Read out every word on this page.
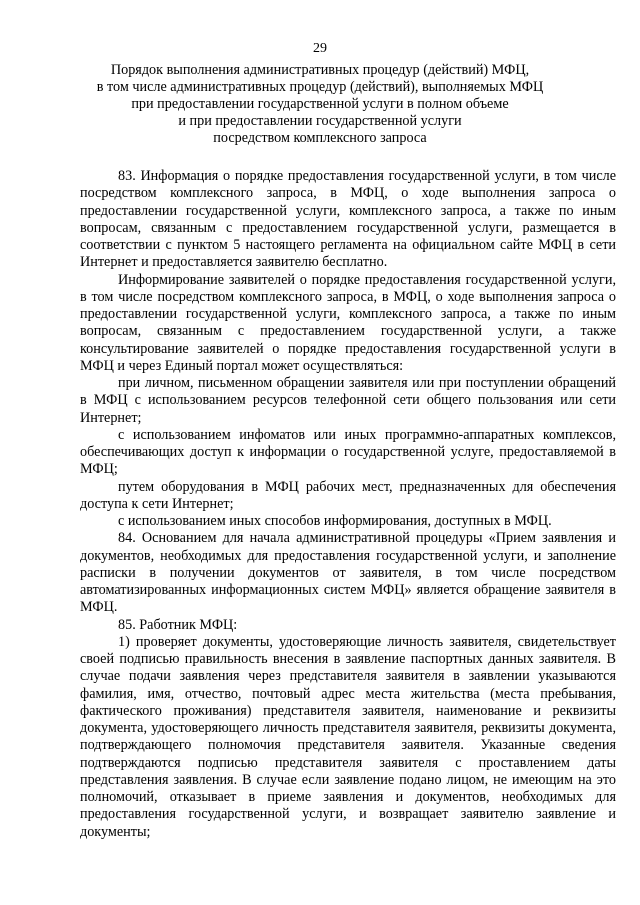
29
Порядок выполнения административных процедур (действий) МФЦ,
в том числе административных процедур (действий), выполняемых МФЦ
при предоставлении государственной услуги в полном объеме
и при предоставлении государственной услуги
посредством комплексного запроса

83. Информация о порядке предоставления государственной услуги, в том числе посредством комплексного запроса, в МФЦ, о ходе выполнения запроса о предоставлении государственной услуги, комплексного запроса, а также по иным вопросам, связанным с предоставлением государственной услуги, размещается в соответствии с пунктом 5 настоящего регламента на официальном сайте МФЦ в сети Интернет и предоставляется заявителю бесплатно.

Информирование заявителей о порядке предоставления государственной услуги, в том числе посредством комплексного запроса, в МФЦ, о ходе выполнения запроса о предоставлении государственной услуги, комплексного запроса, а также по иным вопросам, связанным с предоставлением государственной услуги, а также консультирование заявителей о порядке предоставления государственной услуги в МФЦ и через Единый портал может осуществляться:

при личном, письменном обращении заявителя или при поступлении обращений в МФЦ с использованием ресурсов телефонной сети общего пользования или сети Интернет;

с использованием инфоматов или иных программно-аппаратных комплексов, обеспечивающих доступ к информации о государственной услуге, предоставляемой в МФЦ;

путем оборудования в МФЦ рабочих мест, предназначенных для обеспечения доступа к сети Интернет;

с использованием иных способов информирования, доступных в МФЦ.

84. Основанием для начала административной процедуры «Прием заявления и документов, необходимых для предоставления государственной услуги, и заполнение расписки в получении документов от заявителя, в том числе посредством автоматизированных информационных систем МФЦ» является обращение заявителя в МФЦ.

85. Работник МФЦ:

1) проверяет документы, удостоверяющие личность заявителя, свидетельствует своей подписью правильность внесения в заявление паспортных данных заявителя. В случае подачи заявления через представителя заявителя в заявлении указываются фамилия, имя, отчество, почтовый адрес места жительства (места пребывания, фактического проживания) представителя заявителя, наименование и реквизиты документа, удостоверяющего личность представителя заявителя, реквизиты документа, подтверждающего полномочия представителя заявителя. Указанные сведения подтверждаются подписью представителя заявителя с проставлением даты представления заявления. В случае если заявление подано лицом, не имеющим на это полномочий, отказывает в приеме заявления и документов, необходимых для предоставления государственной услуги, и возвращает заявителю заявление и документы;
